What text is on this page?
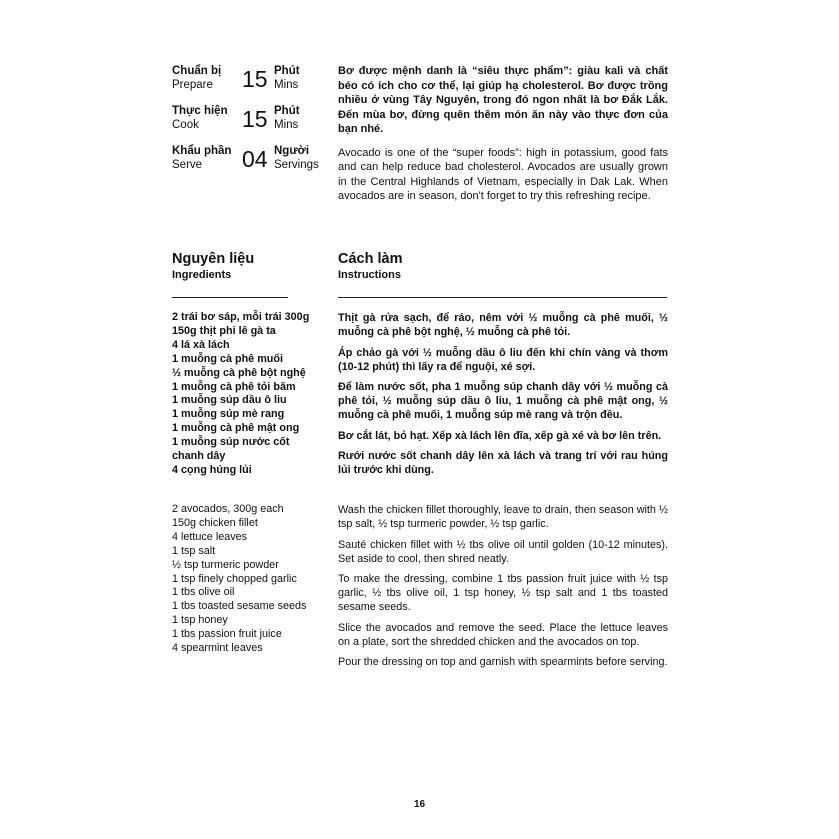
Chuẩn bị
Prepare	15 Phút
Mins
Thực hiện
Cook	15 Phút
Mins
Khẩu phần
Serve	04 Người
Servings

Bơ được mệnh danh là “siêu thực phẩm”: giàu kali và chất béo có ích cho cơ thể, lại giúp hạ cholesterol. Bơ được trồng nhiều ở vùng Tây Nguyên, trong đó ngon nhất là bơ Đắk Lắk. Đến mùa bơ, đừng quên thêm món ăn này vào thực đơn của bạn nhé.

Avocado is one of the “super foods”: high in potassium, good fats and can help reduce bad cholesterol. Avocados are usually grown in the Central Highlands of Vietnam, especially in Dak Lak. When avocados are in season, don't forget to try this refreshing recipe.

Nguyên liệu
Ingredients
Cách làm
Instructions
2 trái bơ sáp, mỗi trái 300g
150g thịt phi lê gà ta
4 lá xà lách
1 muỗng cà phê muối
½ muỗng cà phê bột nghệ
1 muỗng cà phê tỏi băm
1 muỗng súp dầu ô liu
1 muỗng súp mè rang
1 muỗng cà phê mật ong
1 muỗng súp nước cốt
chanh dây
4 cọng húng lủi
2 avocados, 300g each
150g chicken fillet
4 lettuce leaves
1 tsp salt
½ tsp turmeric powder
1 tsp finely chopped garlic
1 tbs olive oil
1 tbs toasted sesame seeds
1 tsp honey
1 tbs passion fruit juice
4 spearmint leaves

Thịt gà rửa sạch, để ráo, nêm với ½ muỗng cà phê muối, ½ muỗng cà phê bột nghệ, ½ muỗng cà phê tỏi.

Áp chảo gà với ½ muỗng dầu ô liu đến khi chín vàng và thơm (10-12 phút) thì lấy ra để nguội, xé sợi.

Để làm nước sốt, pha 1 muỗng súp chanh dây với ½ muỗng cà phê tỏi, ½ muỗng súp dầu ô liu, 1 muỗng cà phê mật ong, ½ muỗng cà phê muối, 1 muỗng súp mè rang và trộn đều.

Bơ cắt lát, bỏ hạt. Xếp xà lách lên đĩa, xếp gà xé và bơ lên trên.

Rưới nước sốt chanh dây lên xà lách và trang trí với rau húng lủi trước khi dùng.

Wash the chicken fillet thoroughly, leave to drain, then season with ½ tsp salt, ½ tsp turmeric powder, ½ tsp garlic.

Sauté chicken fillet with ½ tbs olive oil until golden (10-12 minutes). Set aside to cool, then shred neatly.

To make the dressing, combine 1 tbs passion fruit juice with ½ tsp garlic, ½ tbs olive oil, 1 tsp honey, ½ tsp salt and 1 tbs toasted sesame seeds.

Slice the avocados and remove the seed. Place the lettuce leaves on a plate, sort the shredded chicken and the avocados on top.

Pour the dressing on top and garnish with spearmints before serving.

16
